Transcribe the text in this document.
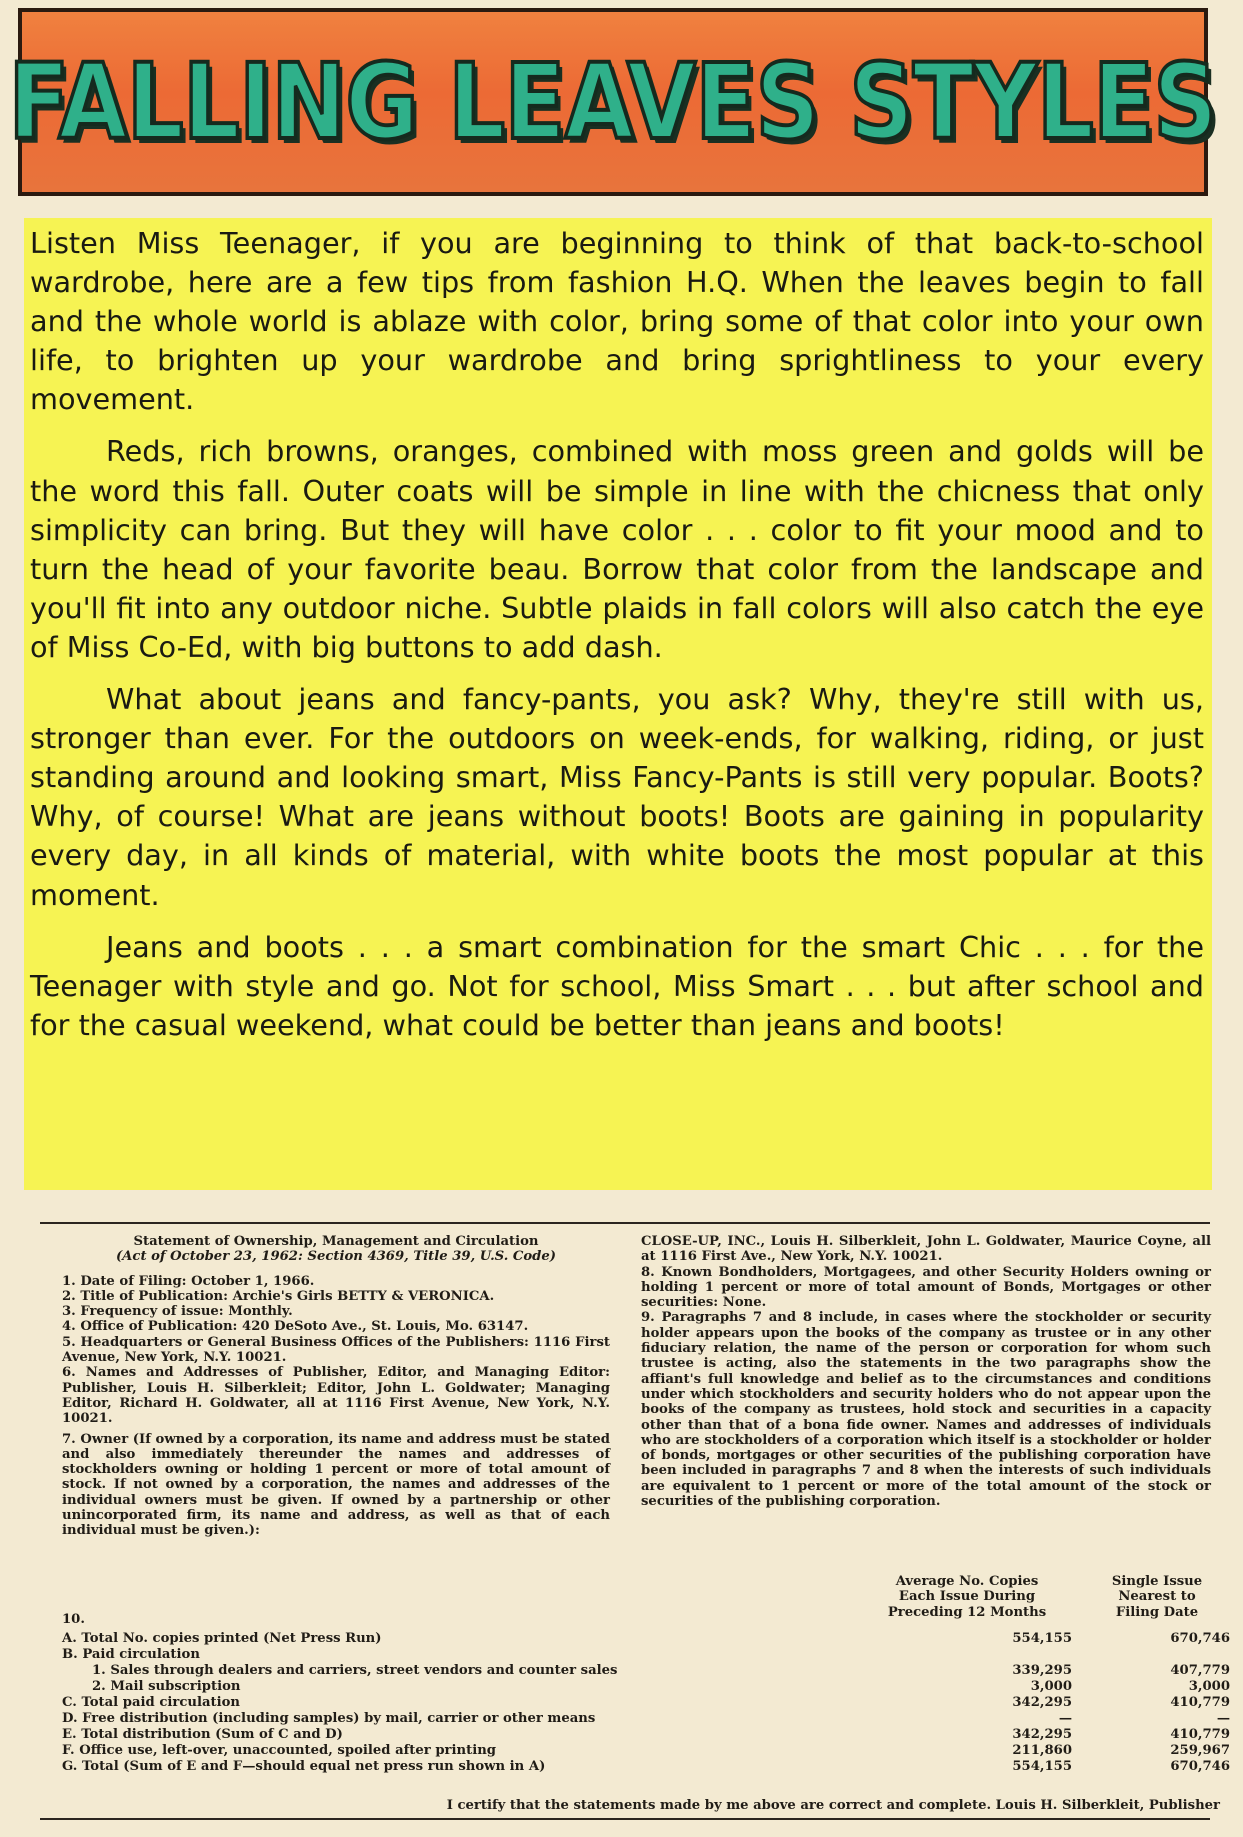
FALLING LEAVES STYLES

Listen Miss Teenager, if you are beginning to think of that back-to-school wardrobe, here are a few tips from fashion H.Q. When the leaves begin to fall and the whole world is ablaze with color, bring some of that color into your own life, to brighten up your wardrobe and bring sprightliness to your every movement.

Reds, rich browns, oranges, combined with moss green and golds will be the word this fall. Outer coats will be simple in line with the chicness that only simplicity can bring. But they will have color . . . color to fit your mood and to turn the head of your favorite beau. Borrow that color from the landscape and you'll fit into any outdoor niche. Subtle plaids in fall colors will also catch the eye of Miss Co-Ed, with big buttons to add dash.

What about jeans and fancy-pants, you ask? Why, they're still with us, stronger than ever. For the outdoors on week-ends, for walking, riding, or just standing around and looking smart, Miss Fancy-Pants is still very popular. Boots? Why, of course! What are jeans without boots! Boots are gaining in popularity every day, in all kinds of material, with white boots the most popular at this moment.

Jeans and boots . . . a smart combination for the smart Chic . . . for the Teenager with style and go. Not for school, Miss Smart . . . but after school and for the casual weekend, what could be better than jeans and boots!

Statement of Ownership, Management and Circulation

(Act of October 23, 1962: Section 4369, Title 39, U.S. Code)

1. Date of Filing: October 1, 1966.

2. Title of Publication: Archie's Girls BETTY & VERONICA.

3. Frequency of issue: Monthly.

4. Office of Publication: 420 DeSoto Ave., St. Louis, Mo. 63147.

5. Headquarters or General Business Offices of the Publishers: 1116 First Avenue, New York, N.Y. 10021.

6. Names and Addresses of Publisher, Editor, and Managing Editor: Publisher, Louis H. Silberkleit; Editor, John L. Goldwater; Managing Editor, Richard H. Goldwater, all at 1116 First Avenue, New York, N.Y. 10021.

7. Owner (If owned by a corporation, its name and address must be stated and also immediately thereunder the names and addresses of stockholders owning or holding 1 percent or more of total amount of stock. If not owned by a corporation, the names and addresses of the individual owners must be given. If owned by a partnership or other unincorporated firm, its name and address, as well as that of each individual must be given.):

CLOSE-UP, INC., Louis H. Silberkleit, John L. Goldwater, Maurice Coyne, all at 1116 First Ave., New York, N.Y. 10021.

8. Known Bondholders, Mortgagees, and other Security Holders owning or holding 1 percent or more of total amount of Bonds, Mortgages or other securities: None.

9. Paragraphs 7 and 8 include, in cases where the stockholder or security holder appears upon the books of the company as trustee or in any other fiduciary relation, the name of the person or corporation for whom such trustee is acting, also the statements in the two paragraphs show the affiant's full knowledge and belief as to the circumstances and conditions under which stockholders and security holders who do not appear upon the books of the company as trustees, hold stock and securities in a capacity other than that of a bona fide owner. Names and addresses of individuals who are stockholders of a corporation which itself is a stockholder or holder of bonds, mortgages or other securities of the publishing corporation have been included in paragraphs 7 and 8 when the interests of such individuals are equivalent to 1 percent or more of the total amount of the stock or securities of the publishing corporation.

Average No. Copies
Each Issue During
Preceding 12 Months
Single Issue
Nearest to
Filing Date
10.
A. Total No. copies printed (Net Press Run)	554,155	670,746
B. Paid circulation
1. Sales through dealers and carriers, street vendors and counter sales	339,295	407,779
2. Mail subscription	3,000	3,000
C. Total paid circulation	342,295	410,779
D. Free distribution (including samples) by mail, carrier or other means	—	—
E. Total distribution (Sum of C and D)	342,295	410,779
F. Office use, left-over, unaccounted, spoiled after printing	211,860	259,967
G. Total (Sum of E and F—should equal net press run shown in A)	554,155	670,746
I certify that the statements made by me above are correct and complete. Louis H. Silberkleit, Publisher
